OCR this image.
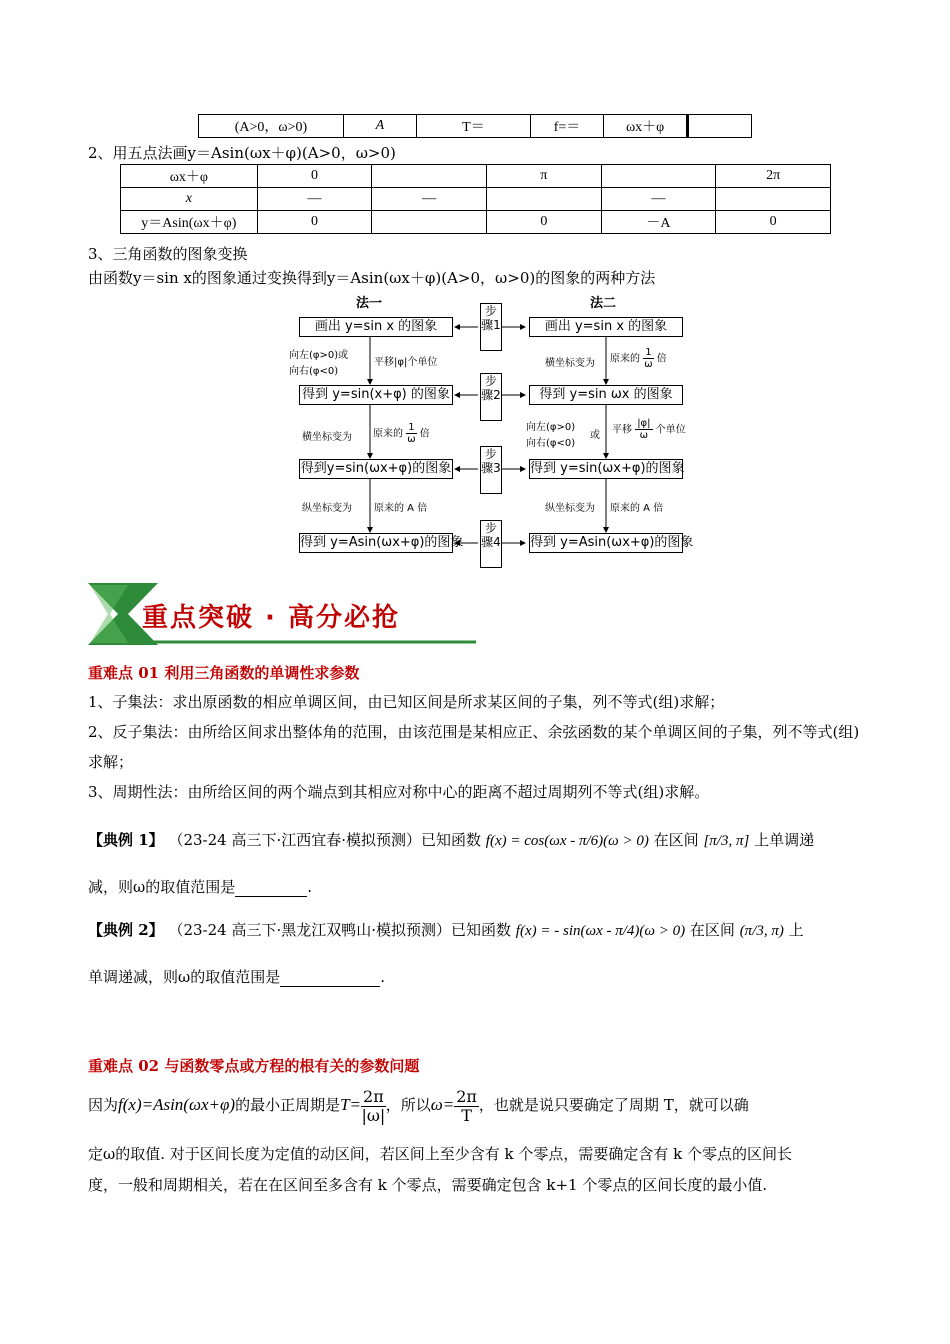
(A>0，ω>0)	A	T＝	f=＝	ωx＋φ	
2、用五点法画y＝Asin(ωx＋φ)(A>0，ω>0)
ωx＋φ	0		π		2π
x	—	—		—	
y＝Asin(ωx＋φ)	0		0	－A	0
3、三角函数的图象变换
由函数y＝sin x的图象通过变换得到y＝Asin(ωx＋φ)(A>0，ω>0)的图象的两种方法
法一	法二
画出 y=sin x 的图象
得到 y=sin(x+φ) 的图象
得到y=sin(ωx+φ)的图象
得到 y=Asin(ωx+φ)的图象
画出 y=sin x 的图象
得到 y=sin ωx 的图象
得到 y=sin(ωx+φ)的图象
得到 y=Asin(ωx+φ)的图象
步骤1
步骤2
步骤3
步骤4
向左(φ>0)或
向右(φ<0)
平移|φ|个单位
横坐标变为 原来的 $\frac{1}{\omega}$ 倍
纵坐标变为 原来的 A 倍
横坐标变为 原来的 $\frac{1}{\omega}$ 倍
向左(φ>0)
向右(φ<0)
或 平移 $\frac{|\varphi|}{\omega}$ 个单位
纵坐标变为 原来的 A 倍
重点突破 · 高分必抢
重难点 01 利用三角函数的单调性求参数
1、子集法：求出原函数的相应单调区间，由已知区间是所求某区间的子集，列不等式(组)求解；
2、反子集法：由所给区间求出整体角的范围，由该范围是某相应正、余弦函数的某个单调区间的子集，列不等式(组)求解；
3、周期性法：由所给区间的两个端点到其相应对称中心的距离不超过周期列不等式(组)求解。
【典例 1】 （23-24 高三下·江西宜春·模拟预测）已知函数 f(x) = cos(ωx - π/6)(ω > 0) 在区间 [π/3, π] 上单调递
减，则ω的取值范围是	.
【典例 2】 （23-24 高三下·黑龙江双鸭山·模拟预测）已知函数 f(x) = - sin(ωx - π/4)(ω > 0) 在区间 (π/3, π) 上
单调递减，则ω的取值范围是	.
重难点 02 与函数零点或方程的根有关的参数问题
因为f(x)=Asin(ωx+φ)的最小正周期是$T= \frac{2\pi}{|\omega|}$ ，所以$\omega= \frac{2\pi}{T}$ ，也就是说只要确定了周期 T，就可以确
定ω的取值. 对于区间长度为定值的动区间，若区间上至少含有 k 个零点，需要确定含有 k 个零点的区间长
度，一般和周期相关，若在在区间至多含有 k 个零点，需要确定包含 k+1 个零点的区间长度的最小值.
